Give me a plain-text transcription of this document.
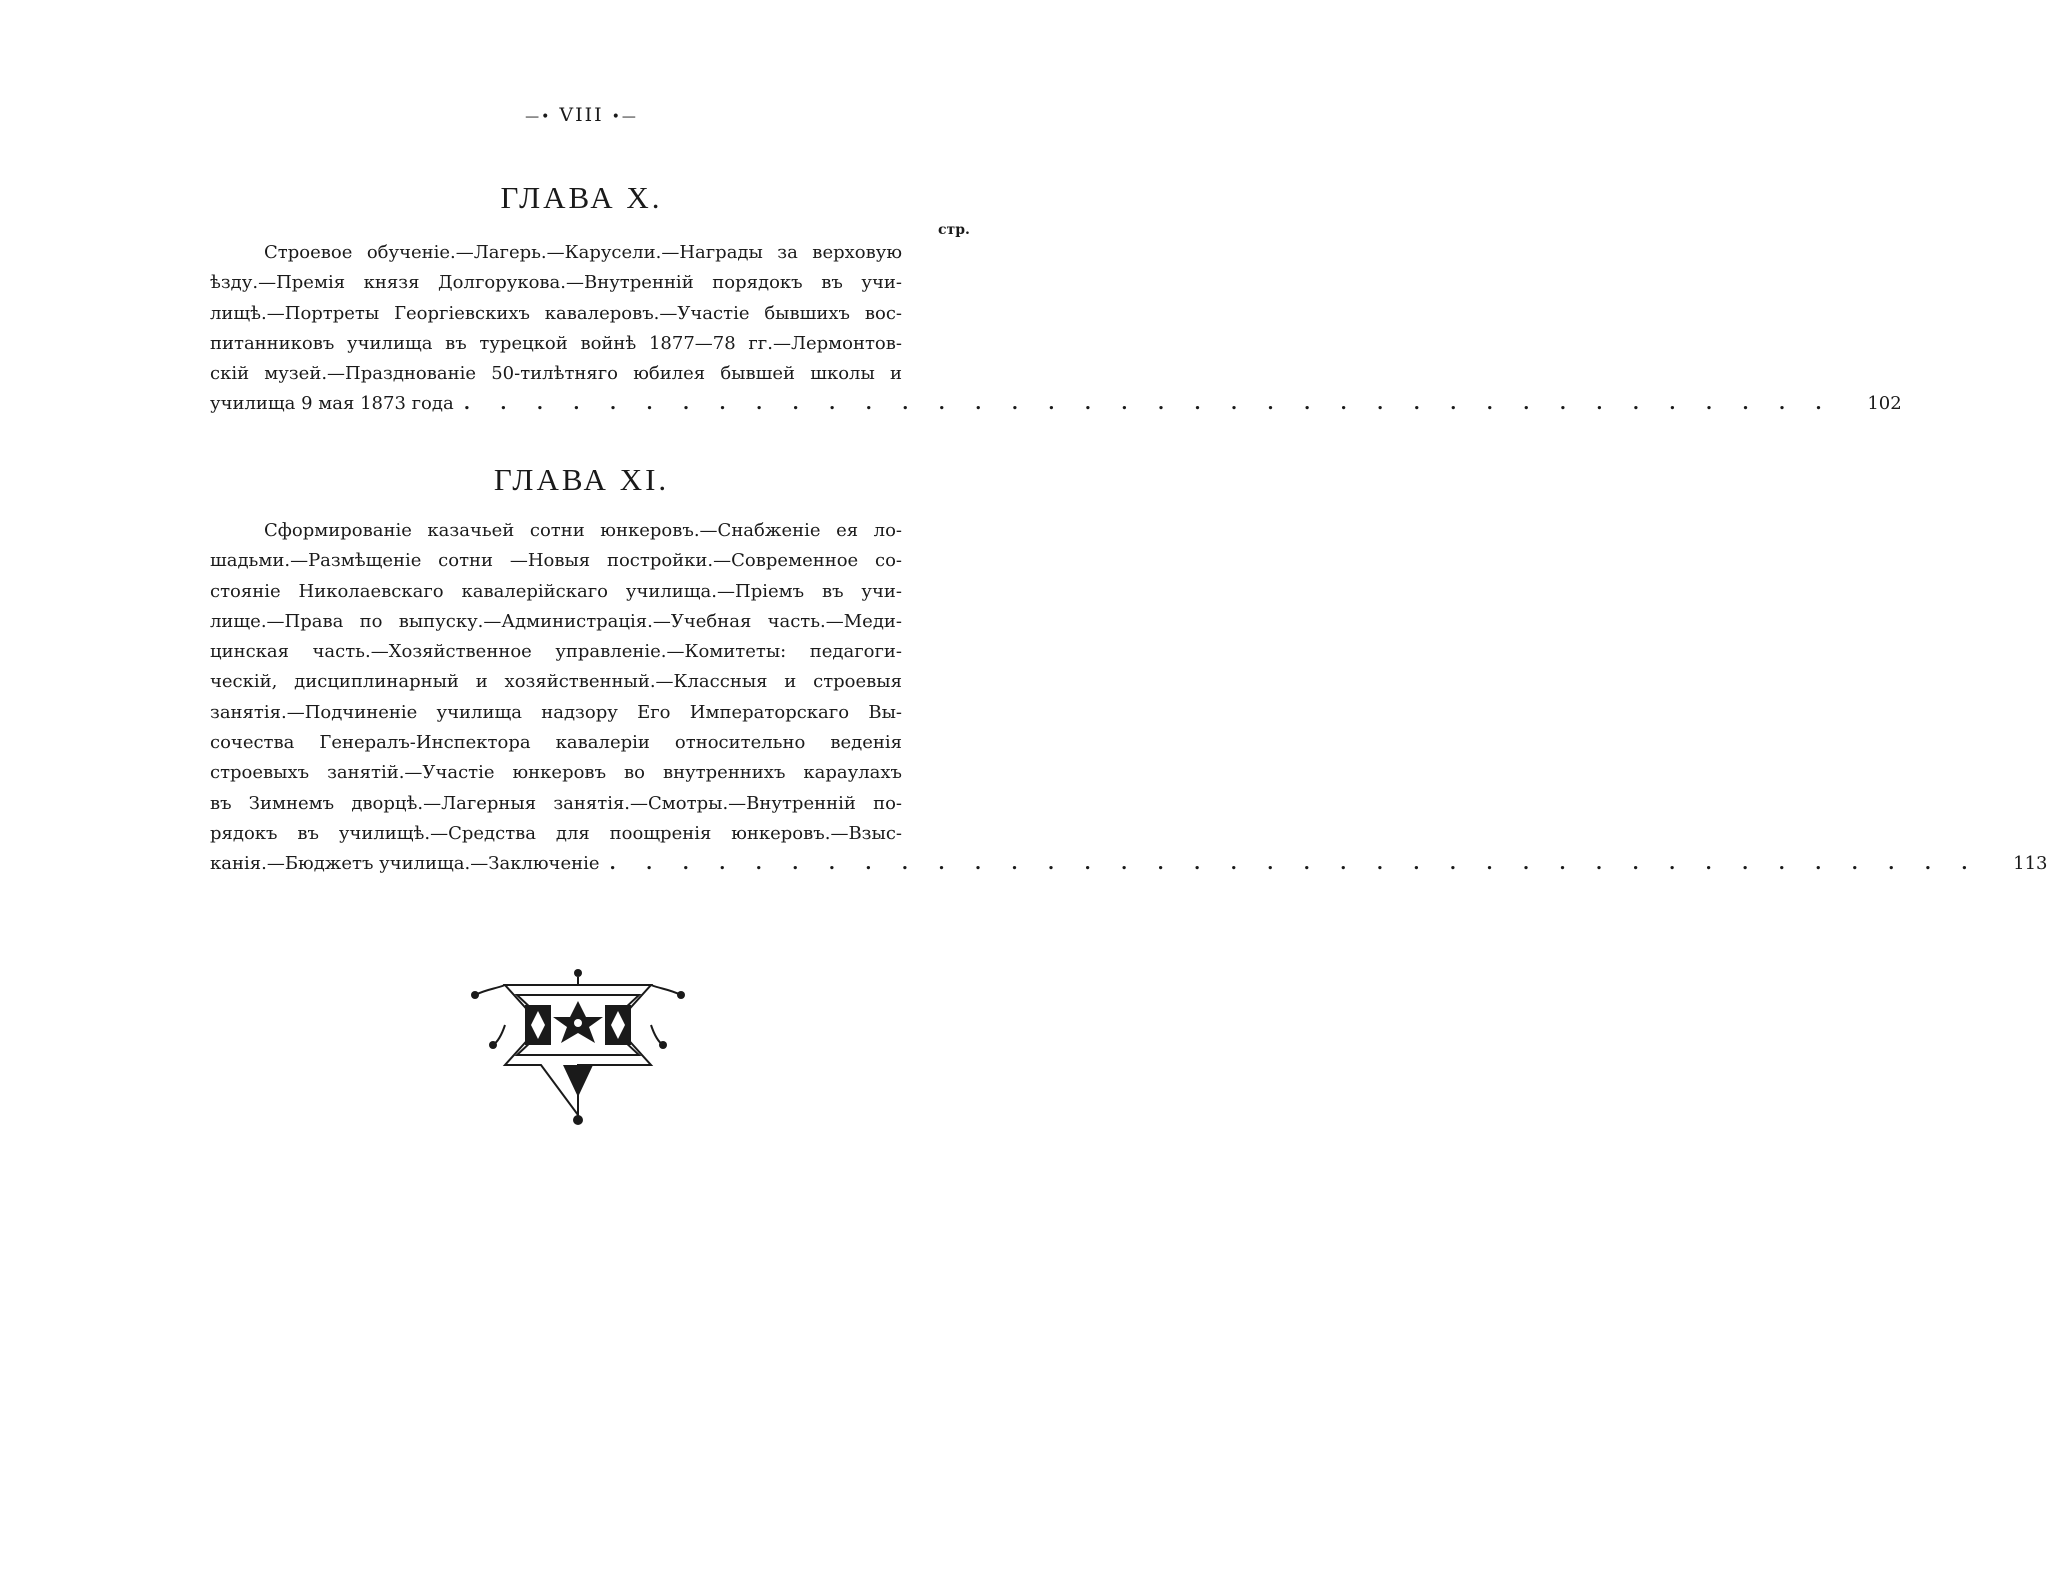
—• VIII •—
стр.
ГЛАВА X.
Строевое обученіе.—Лагерь.—Карусели.—Награды за верховую
ѣзду.—Премія князя Долгорукова.—Внутренній порядокъ въ учи-
лищѣ.—Портреты Георгіевскихъ кавалеровъ.—Участіе бывшихъ вос-
питанниковъ училища въ турецкой войнѣ 1877—78 гг.—Лермонтов-
скій музей.—Празднованіе 50-тилѣтняго юбилея бывшей школы и
училища 9 мая 1873 года . . . . . . . . . . . . . . . . . . . . . . . . . . . . . . . . . . . . . .	102
ГЛАВА XI.
Сформированіе казачьей сотни юнкеровъ.—Снабженіе ея ло-
шадьми.—Размѣщеніе сотни —Новыя постройки.—Современное со-
стояніе Николаевскаго кавалерійскаго училища.—Пріемъ въ учи-
лище.—Права по выпуску.—Администрація.—Учебная часть.—Меди-
цинская часть.—Хозяйственное управленіе.—Комитеты: педагоги-
ческій, дисциплинарный и хозяйственный.—Классныя и строевыя
занятія.—Подчиненіе училища надзору Его Императорскаго Вы-
сочества Генералъ-Инспектора кавалеріи относительно веденія
строевыхъ занятій.—Участіе юнкеровъ во внутреннихъ караулахъ
въ Зимнемъ дворцѣ.—Лагерныя занятія.—Смотры.—Внутренній по-
рядокъ въ училищѣ.—Средства для поощренія юнкеровъ.—Взыс-
канія.—Бюджетъ училища.—Заключеніе . . . . . . . . . . . . . . . . . . . . . . . . . . . . . . . . . . . . . .	113
